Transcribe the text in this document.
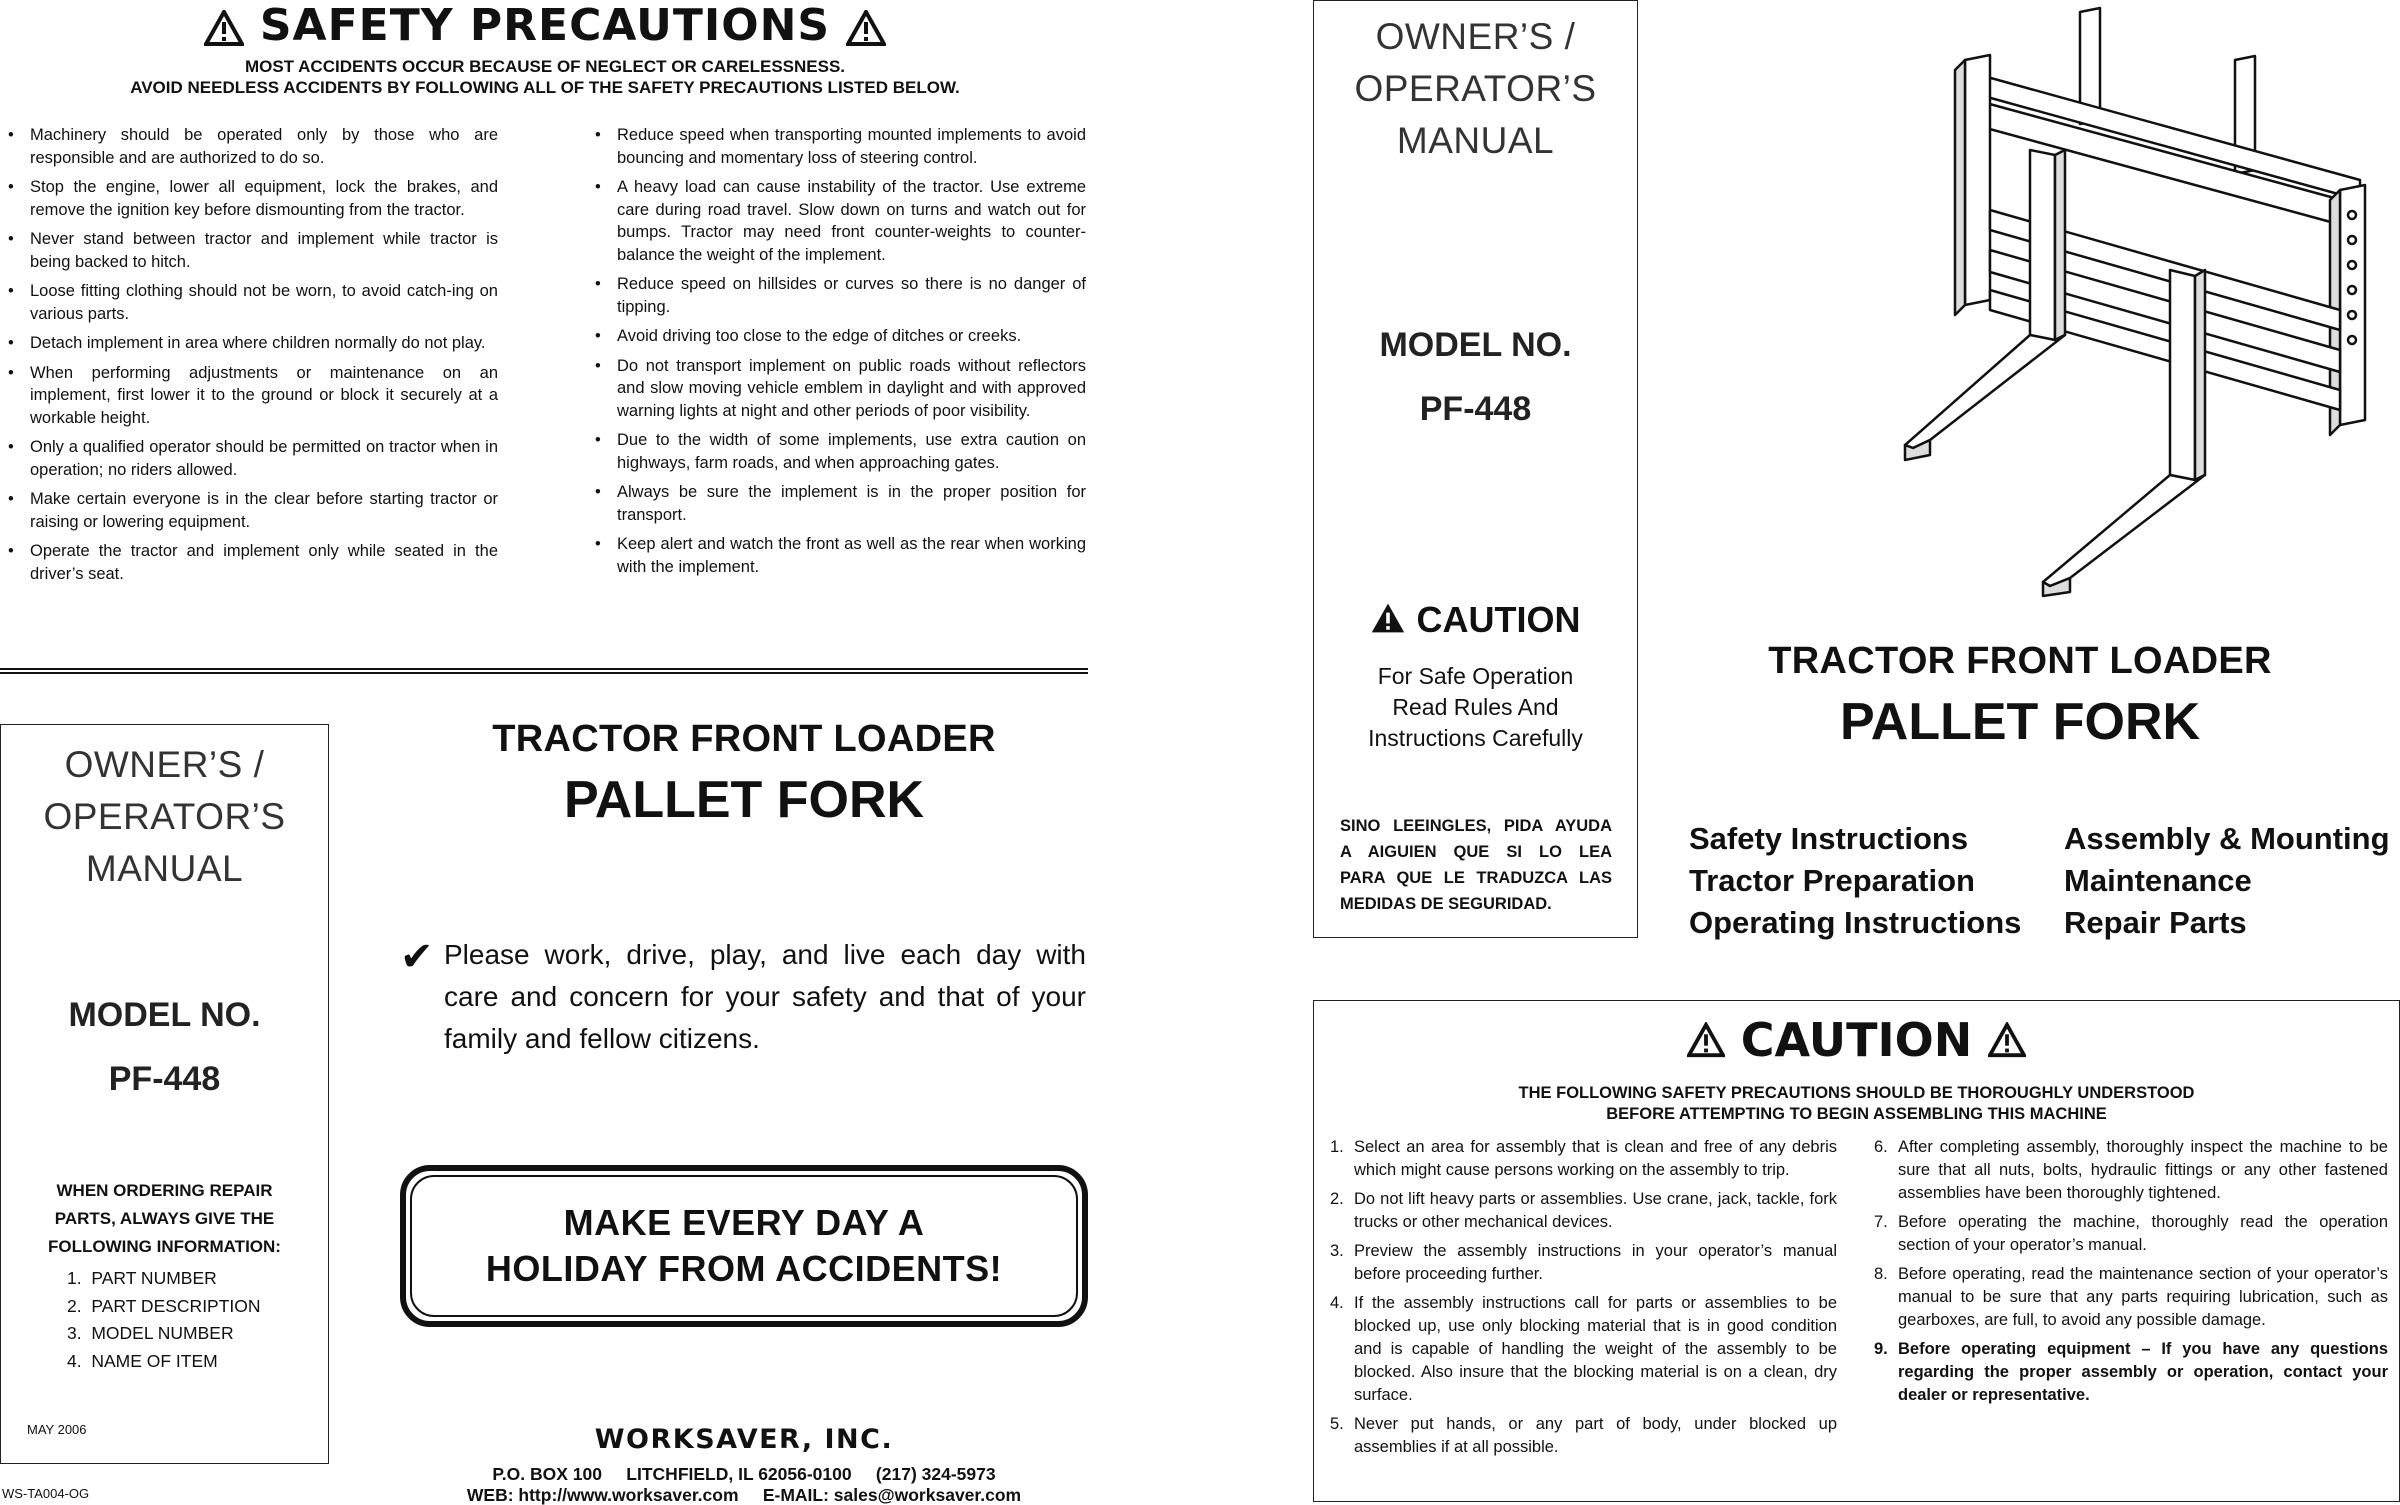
SAFETY PRECAUTIONS
MOST ACCIDENTS OCCUR BECAUSE OF NEGLECT OR CARELESSNESS.
AVOID NEEDLESS ACCIDENTS BY FOLLOWING ALL OF THE SAFETY PRECAUTIONS LISTED BELOW.
• Machinery should be operated only by those who are responsible and are authorized to do so.
• Stop the engine, lower all equipment, lock the brakes, and remove the ignition key before dismounting from the tractor.
• Never stand between tractor and implement while tractor is being backed to hitch.
• Loose fitting clothing should not be worn, to avoid catch-ing on various parts.
• Detach implement in area where children normally do not play.
• When performing adjustments or maintenance on an implement, first lower it to the ground or block it securely at a workable height.
• Only a qualified operator should be permitted on tractor when in operation; no riders allowed.
• Make certain everyone is in the clear before starting tractor or raising or lowering equipment.
• Operate the tractor and implement only while seated in the driver’s seat.
• Reduce speed when transporting mounted implements to avoid bouncing and momentary loss of steering control.
• A heavy load can cause instability of the tractor. Use extreme care during road travel. Slow down on turns and watch out for bumps. Tractor may need front counter-weights to counter-balance the weight of the implement.
• Reduce speed on hillsides or curves so there is no danger of tipping.
• Avoid driving too close to the edge of ditches or creeks.
• Do not transport implement on public roads without reflectors and slow moving vehicle emblem in daylight and with approved warning lights at night and other periods of poor visibility.
• Due to the width of some implements, use extra caution on highways, farm roads, and when approaching gates.
• Always be sure the implement is in the proper position for transport.
• Keep alert and watch the front as well as the rear when working with the implement.
OWNER’S /
OPERATOR’S
MANUAL
MODEL NO.
PF-448
WHEN ORDERING REPAIR
PARTS, ALWAYS GIVE THE
FOLLOWING INFORMATION:
1.  PART NUMBER
2.  PART DESCRIPTION
3.  MODEL NUMBER
4.  NAME OF ITEM
MAY 2006
WS-TA004-OG
TRACTOR FRONT LOADER
PALLET FORK
✔ Please work, drive, play, and live each day with care and concern for your safety and that of your family and fellow citizens.
MAKE EVERY DAY A
HOLIDAY FROM ACCIDENTS!
WORKSAVER, INC.
P.O. BOX 100     LITCHFIELD, IL 62056-0100     (217) 324-5973
WEB: http://www.worksaver.com     E-MAIL: sales@worksaver.com
OWNER’S /
OPERATOR’S
MANUAL
MODEL NO.
PF-448
CAUTION
For Safe Operation
Read Rules And
Instructions Carefully
SINO LEEINGLES, PIDA AYUDA
A AIGUIEN QUE SI LO LEA
PARA QUE LE TRADUZCA LAS
MEDIDAS DE SEGURIDAD.
TRACTOR FRONT LOADER
PALLET FORK
Safety Instructions
Tractor Preparation
Operating Instructions
Assembly & Mounting
Maintenance
Repair Parts
CAUTION
THE FOLLOWING SAFETY PRECAUTIONS SHOULD BE THOROUGHLY UNDERSTOOD
BEFORE ATTEMPTING TO BEGIN ASSEMBLING THIS MACHINE
1. Select an area for assembly that is clean and free of any debris which might cause persons working on the assembly to trip.
2. Do not lift heavy parts or assemblies. Use crane, jack, tackle, fork trucks or other mechanical devices.
3. Preview the assembly instructions in your operator’s manual before proceeding further.
4. If the assembly instructions call for parts or assemblies to be blocked up, use only blocking material that is in good condition and is capable of handling the weight of the assembly to be blocked. Also insure that the blocking material is on a clean, dry surface.
5. Never put hands, or any part of body, under blocked up assemblies if at all possible.
6. After completing assembly, thoroughly inspect the machine to be sure that all nuts, bolts, hydraulic fittings or any other fastened assemblies have been thoroughly tightened.
7. Before operating the machine, thoroughly read the operation section of your operator’s manual.
8. Before operating, read the maintenance section of your operator’s manual to be sure that any parts requiring lubrication, such as gearboxes, are full, to avoid any possible damage.
9. Before operating equipment – If you have any questions regarding the proper assembly or operation, contact your dealer or representative.
